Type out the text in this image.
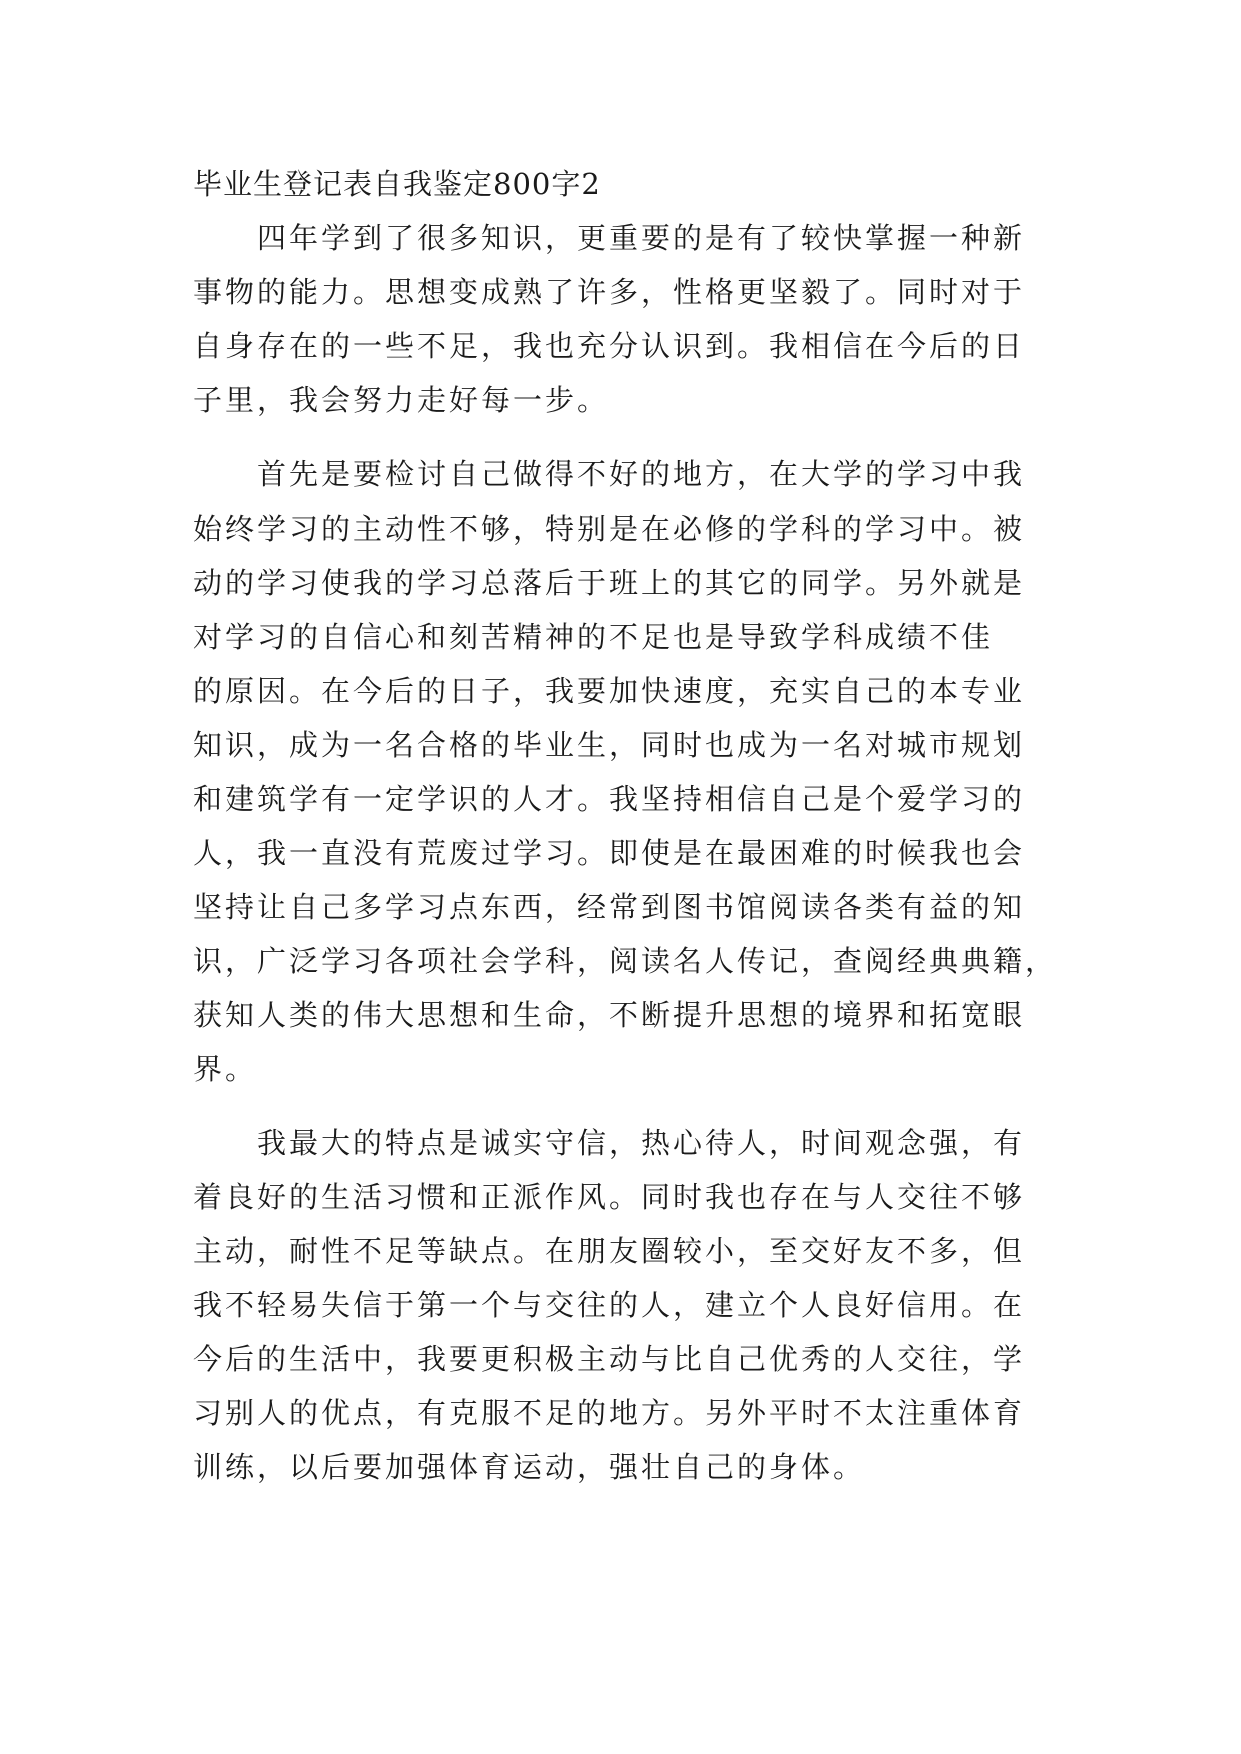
毕业生登记表自我鉴定800字2

四年学到了很多知识，更重要的是有了较快掌握一种新

事物的能力。思想变成熟了许多，性格更坚毅了。同时对于

自身存在的一些不足，我也充分认识到。我相信在今后的日

子里，我会努力走好每一步。

首先是要检讨自己做得不好的地方，在大学的学习中我

始终学习的主动性不够，特别是在必修的学科的学习中。被

动的学习使我的学习总落后于班上的其它的同学。另外就是

对学习的自信心和刻苦精神的不足也是导致学科成绩不佳

的原因。在今后的日子，我要加快速度，充实自己的本专业

知识，成为一名合格的毕业生，同时也成为一名对城市规划

和建筑学有一定学识的人才。我坚持相信自己是个爱学习的

人，我一直没有荒废过学习。即使是在最困难的时候我也会

坚持让自己多学习点东西，经常到图书馆阅读各类有益的知

识，广泛学习各项社会学科，阅读名人传记，查阅经典典籍，

获知人类的伟大思想和生命，不断提升思想的境界和拓宽眼

界。

我最大的特点是诚实守信，热心待人，时间观念强，有

着良好的生活习惯和正派作风。同时我也存在与人交往不够

主动，耐性不足等缺点。在朋友圈较小，至交好友不多，但

我不轻易失信于第一个与交往的人，建立个人良好信用。在

今后的生活中，我要更积极主动与比自己优秀的人交往，学

习别人的优点，有克服不足的地方。另外平时不太注重体育

训练，以后要加强体育运动，强壮自己的身体。
